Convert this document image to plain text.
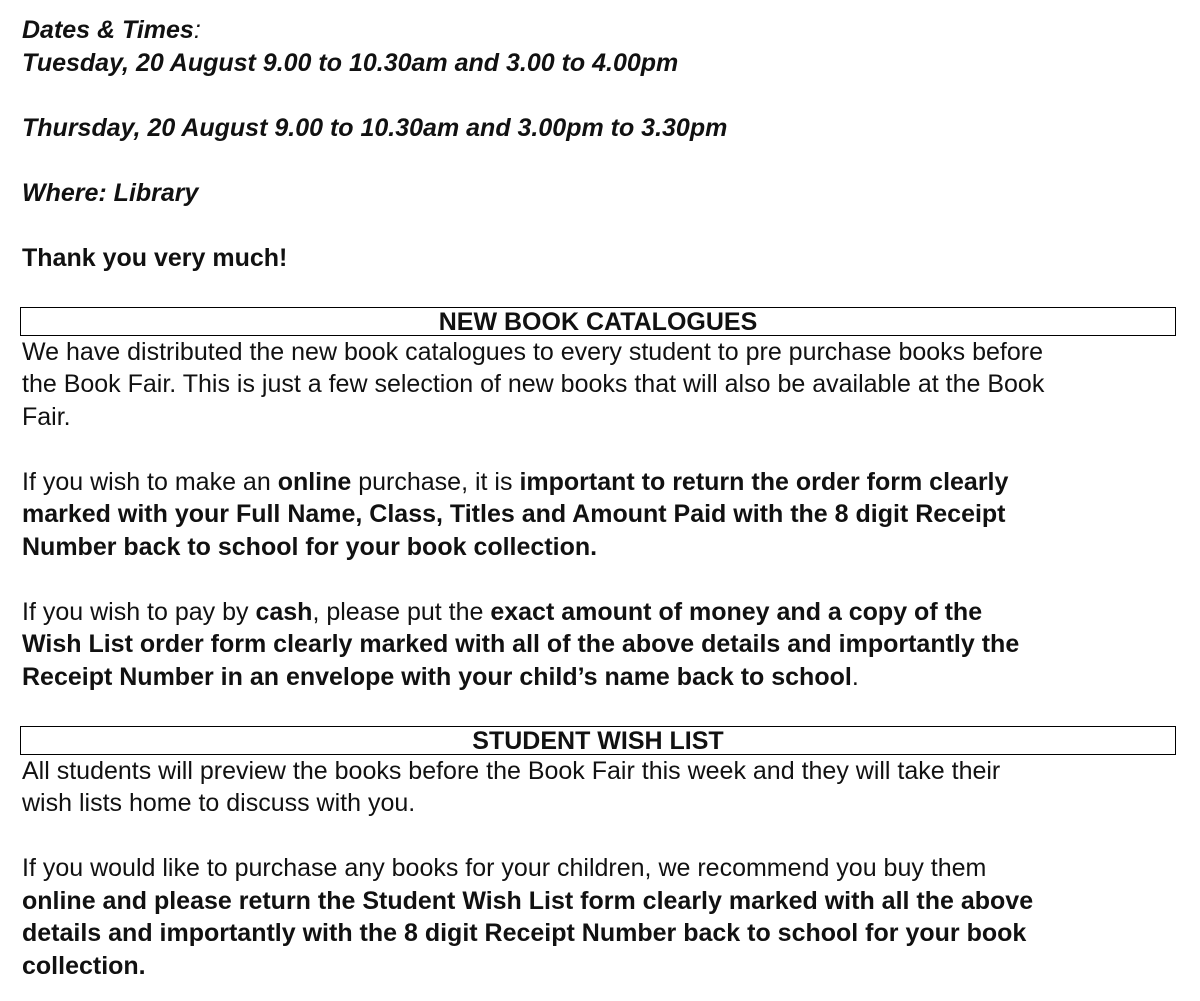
Dates & Times:
Tuesday, 20 August 9.00 to 10.30am and 3.00 to 4.00pm
Thursday, 20 August 9.00 to 10.30am and 3.00pm to 3.30pm
Where: Library
Thank you very much!
NEW BOOK CATALOGUES
We have distributed the new book catalogues to every student to pre purchase books before
the Book Fair. This is just a few selection of new books that will also be available at the Book
Fair.
If you wish to make an online purchase, it is important to return the order form clearly
marked with your Full Name, Class, Titles and Amount Paid with the 8 digit Receipt
Number back to school for your book collection.
If you wish to pay by cash, please put the exact amount of money and a copy of the
Wish List order form clearly marked with all of the above details and importantly the
Receipt Number in an envelope with your child’s name back to school.
STUDENT WISH LIST
All students will preview the books before the Book Fair this week and they will take their
wish lists home to discuss with you.
If you would like to purchase any books for your children, we recommend you buy them
online and please return the Student Wish List form clearly marked with all the above
details and importantly with the 8 digit Receipt Number back to school for your book
collection.
